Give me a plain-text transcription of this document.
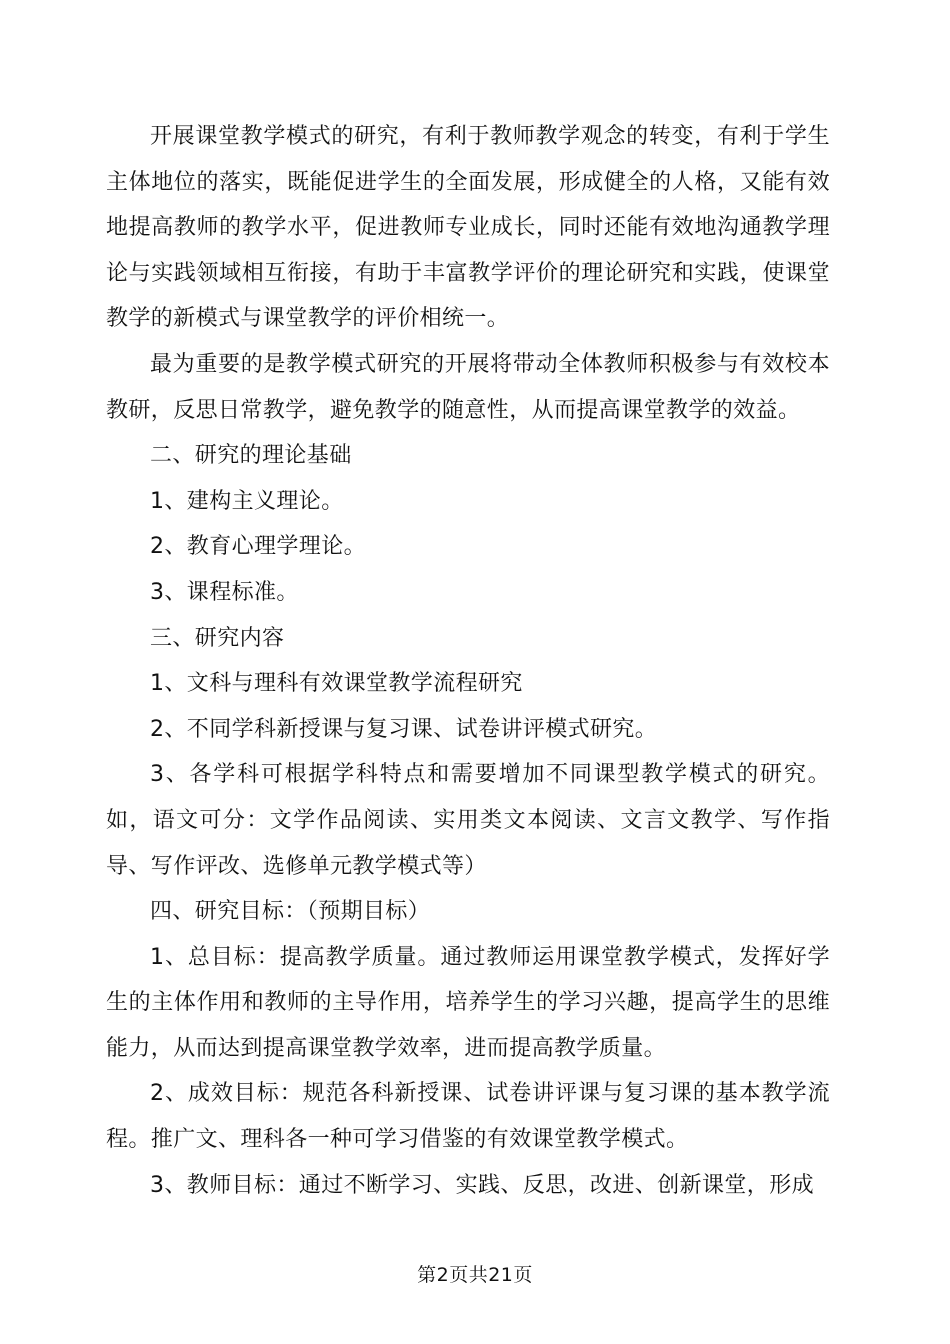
开展课堂教学模式的研究，有利于教师教学观念的转变，有利于学生主体地位的落实，既能促进学生的全面发展，形成健全的人格，又能有效地提高教师的教学水平，促进教师专业成长，同时还能有效地沟通教学理论与实践领域相互衔接，有助于丰富教学评价的理论研究和实践，使课堂教学的新模式与课堂教学的评价相统一。

最为重要的是教学模式研究的开展将带动全体教师积极参与有效校本教研，反思日常教学，避免教学的随意性，从而提高课堂教学的效益。

二、研究的理论基础

1、建构主义理论。

2、教育心理学理论。

3、课程标准。

三、研究内容

1、文科与理科有效课堂教学流程研究

2、不同学科新授课与复习课、试卷讲评模式研究。

3、各学科可根据学科特点和需要增加不同课型教学模式的研究。如，语文可分：文学作品阅读、实用类文本阅读、文言文教学、写作指导、写作评改、选修单元教学模式等）

四、研究目标：（预期目标）

1、总目标：提高教学质量。通过教师运用课堂教学模式，发挥好学生的主体作用和教师的主导作用，培养学生的学习兴趣，提高学生的思维能力，从而达到提高课堂教学效率，进而提高教学质量。

2、成效目标：规范各科新授课、试卷讲评课与复习课的基本教学流程。推广文、理科各一种可学习借鉴的有效课堂教学模式。

3、教师目标：通过不断学习、实践、反思，改进、创新课堂，形成

第2页共21页
